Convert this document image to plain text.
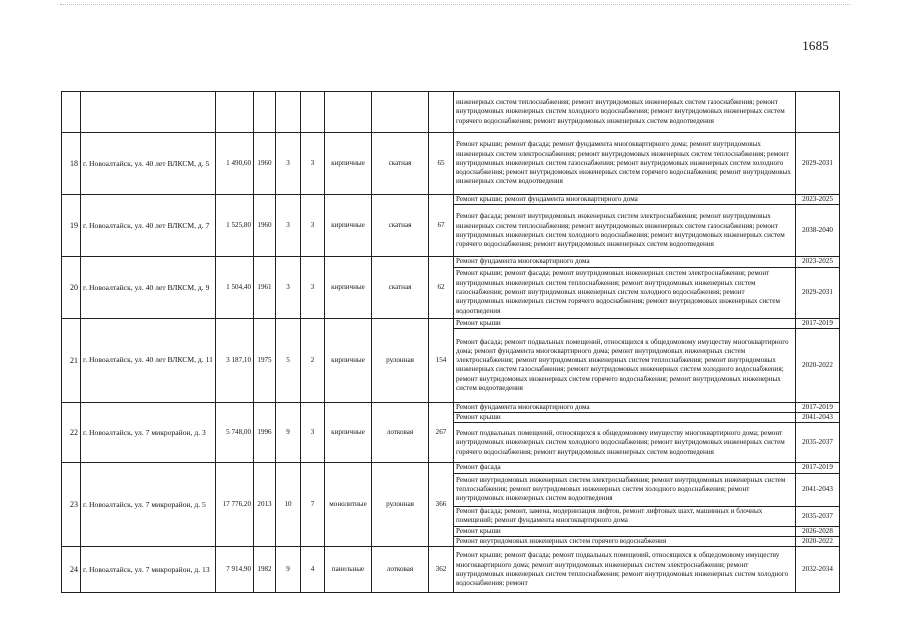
1685
									инженерных систем теплоснабжения; ремонт внутридомовых инженерных систем газоснабжения; ремонт внутридомовых инженерных систем холодного водоснабжения; ремонт внутридомовых инженерных систем горячего водоснабжения; ремонт внутридомовых инженерных систем водоотведения	
18	г. Новоалтайск, ул. 40 лет ВЛКСМ, д. 5	1 490,60	1960	3	3	кирпичные	скатная	65	Ремонт крыши; ремонт фасада; ремонт фундамента многоквартирного дома; ремонт внутридомовых инженерных систем электроснабжения; ремонт внутридомовых инженерных систем теплоснабжения; ремонт внутридомовых инженерных систем газоснабжения; ремонт внутридомовых инженерных систем холодного водоснабжения; ремонт внутридомовых инженерных систем горячего водоснабжения; ремонт внутридомовых инженерных систем водоотведения	2029-2031
19	г. Новоалтайск, ул. 40 лет ВЛКСМ, д. 7	1 525,80	1960	3	3	кирпичные	скатная	67	Ремонт крыши; ремонт фундамента многоквартирного дома	2023-2025
									Ремонт фасада; ремонт внутридомовых инженерных систем электроснабжения; ремонт внутридомовых инженерных систем теплоснабжения; ремонт внутридомовых инженерных систем газоснабжения; ремонт внутридомовых инженерных систем холодного водоснабжения; ремонт внутридомовых инженерных систем горячего водоснабжения; ремонт внутридомовых инженерных систем водоотведения	2038-2040
20	г. Новоалтайск, ул. 40 лет ВЛКСМ, д. 9	1 504,40	1961	3	3	кирпичные	скатная	62	Ремонт фундамента многоквартирного дома	2023-2025
									Ремонт крыши; ремонт фасада; ремонт внутридомовых инженерных систем электроснабжения; ремонт внутридомовых инженерных систем теплоснабжения; ремонт внутридомовых инженерных систем газоснабжения; ремонт внутридомовых инженерных систем холодного водоснабжения; ремонт внутридомовых инженерных систем горячего водоснабжения; ремонт внутридомовых инженерных систем водоотведения	2029-2031
21	г. Новоалтайск, ул. 40 лет ВЛКСМ, д. 11	3 187,10	1975	5	2	кирпичные	рулонная	154	Ремонт крыши	2017-2019
									Ремонт фасада; ремонт подвальных помещений, относящихся к общедомовому имуществу многоквартирного дома; ремонт фундамента многоквартирного дома; ремонт внутридомовых инженерных систем электроснабжения; ремонт внутридомовых инженерных систем теплоснабжения; ремонт внутридомовых инженерных систем газоснабжения; ремонт внутридомовых инженерных систем холодного водоснабжения; ремонт внутридомовых инженерных систем горячего водоснабжения; ремонт внутридомовых инженерных систем водоотведения	2020-2022
22	г. Новоалтайск, ул. 7 микрорайон, д. 3	5 748,00	1996	9	3	кирпичные	лотковая	267	Ремонт фундамента многоквартирного дома	2017-2019
									Ремонт крыши	2041-2043
									Ремонт подвальных помещений, относящихся к общедомовому имуществу многоквартирного дома; ремонт внутридомовых инженерных систем холодного водоснабжения; ремонт внутридомовых инженерных систем горячего водоснабжения; ремонт внутридомовых инженерных систем водоотведения	2035-2037
23	г. Новоалтайск, ул. 7 микрорайон, д. 5	17 776,20	2013	10	7	монолитные	рулонная	366	Ремонт фасада	2017-2019
									Ремонт внутридомовых инженерных систем электроснабжения; ремонт внутридомовых инженерных систем теплоснабжения; ремонт внутридомовых инженерных систем холодного водоснабжения; ремонт внутридомовых инженерных систем водоотведения	2041-2043
									Ремонт фасада; ремонт, замена, модернизация лифтов, ремонт лифтовых шахт, машинных и блочных помещений; ремонт фундамента многоквартирного дома	2035-2037
									Ремонт крыши	2026-2028
									Ремонт внутридомовых инженерных систем горячего водоснабжения	2020-2022
24	г. Новоалтайск, ул. 7 микрорайон, д. 13	7 914,90	1982	9	4	панельные	лотковая	362	Ремонт крыши; ремонт фасада; ремонт подвальных помещений, относящихся к общедомовому имуществу многоквартирного дома; ремонт внутридомовых инженерных систем электроснабжения; ремонт внутридомовых инженерных систем теплоснабжения; ремонт внутридомовых инженерных систем холодного водоснабжения; ремонт	2032-2034
